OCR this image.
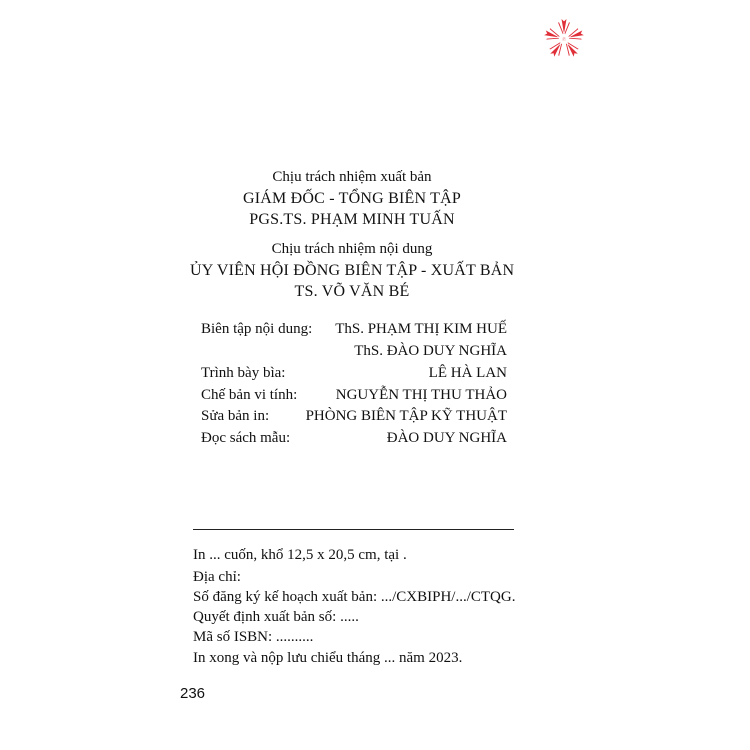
Ⓟ
Chịu trách nhiệm xuất bản
GIÁM ĐỐC - TỔNG BIÊN TẬP
PGS.TS. PHẠM MINH TUẤN
Chịu trách nhiệm nội dung
ỦY VIÊN HỘI ĐỒNG BIÊN TẬP - XUẤT BẢN
TS. VÕ VĂN BÉ
Biên tập nội dung: ThS. PHẠM THỊ KIM HUẾ
ThS. ĐÀO DUY NGHĨA
Trình bày bìa:	LÊ HÀ LAN
Chế bản vi tính:	NGUYỄN THỊ THU THẢO
Sửa bản in: PHÒNG BIÊN TẬP KỸ THUẬT
Đọc sách mẫu:	ĐÀO DUY NGHĨA
In ... cuốn, khổ 12,5 x 20,5 cm, tại .
Địa chỉ:
Số đăng ký kế hoạch xuất bản: .../CXBIPH/.../CTQG.
Quyết định xuất bản số: .....
Mã số ISBN: ..........
In xong và nộp lưu chiểu tháng ... năm 2023.
236
